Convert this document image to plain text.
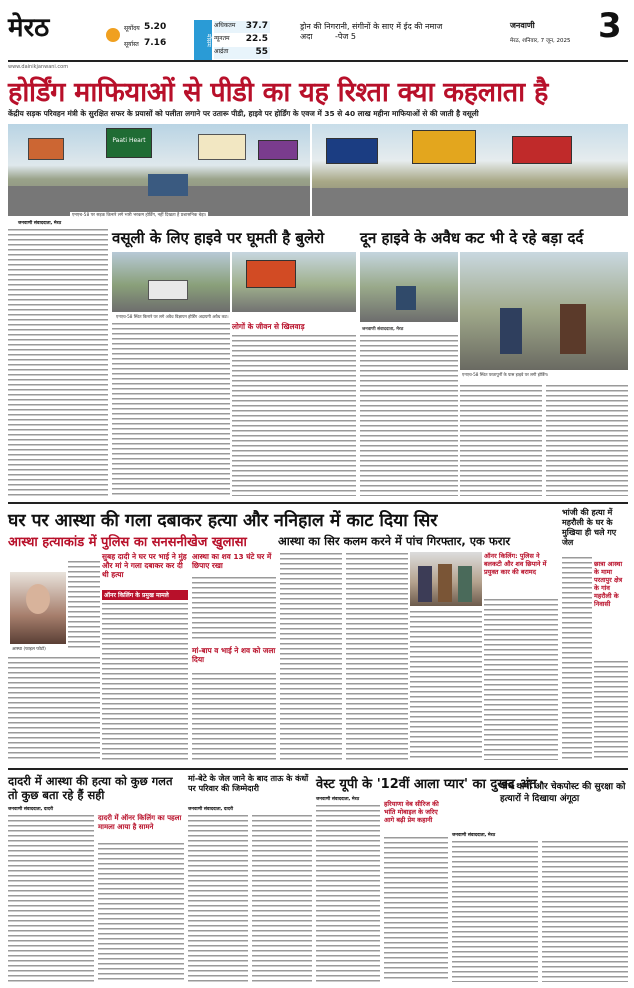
मेरठ	सूर्योदय 5.20
सूर्यास्त 7.16	मौसम
अधिकतम 37.7
न्यूनतम 22.5
आर्द्रता	55
ड्रोन की निगरानी, संगीनों के साए में ईद की नमाज अदा	-पेज 5
जनवाणी
मेरठ, शनिवार, 7 जून, 2025 3
www.dainikjanwani.com
होर्डिंग माफियाओं से पीडी का यह रिश्ता क्या कहलाता है
केंद्रीय सड़क परिवहन मंत्री के सुरक्षित सफर के प्रयासों को पलीता लगाने पर उतारू पीडी, हाइवे पर होर्डिंग के एवज में 35 से 40 लाख महीना माफियाओं से की जाती है वसूली
Paati Heart
एनएच-58 पर सड़क किनारे लगे भारी भरकम होर्डिंग, नहीं दिखता है प्रशासनिक बेड़ा।
जनवाणी संवाददाता, मेरठ
वसूली के लिए हाइवे पर घूमती है बुलेरो दून हाइवे के अवैध कट भी दे रहे बड़ा दर्द
एनएच-58 स्थित किनारे पर लगे अवैध विज्ञापन होर्डिंग अदायगी अवैध कट।
लोगों के जीवन से खिलवाड़	जनवाणी संवाददाता, मेरठ
एनएच-58 स्थित परतापुर्नी के पास हाइवे पर लगी होर्डिंग।
घर पर आस्था की गला दबाकर हत्या और ननिहाल में काट दिया सिर
आस्था हत्याकांड में पुलिस का सनसनीखेज खुलासा	आस्था का सिर कलम करने में पांच गिरफ्तार, एक फरार
आस्था (फाइल फोटो)
सुबह दादी ने घर पर भाई ने मुंह और मां ने गला दबाकर कर दी थी हत्या
ऑनर किलिंग के प्रमुख मामले
आस्था का शव 13 घंटे घर में छिपाए रखा
मां-बाप व भाई ने शव को जला दिया
ऑनर किलिंग: पुलिस ने बलकटी और शव छिपाने में प्रयुक्त कार की बरामद
भांजी की हत्या में महरौली के घर के मुखिया ही चले गए जेल
छात्रा आस्था के मामा परतापुर क्षेत्र के गांव महरौली के निवासी
दादरी में आस्था की हत्या को कुछ गलत तो कुछ बता रहे हैं सही
जनवाणी संवाददाता, दादरी
दादरी में ऑनर किलिंग का पहला मामला आया है सामने
मां-बेटे के जेल जाने के बाद ताऊ के कंधों पर परिवार की जिम्मेदारी
जनवाणी संवाददाता, दादरी
वेस्ट यूपी के '12वीं आला प्यार' का दुखद अंत
जनवाणी संवाददाता, मेरठ
हरियाणा वेब सीरिज की भांति मोबाइल के जरिए आगे बढ़ी प्रेम कहानी
पांच थानों और चेकपोस्ट की सुरक्षा को हत्यारों ने दिखाया अंगूठा
जनवाणी संवाददाता, मेरठ
